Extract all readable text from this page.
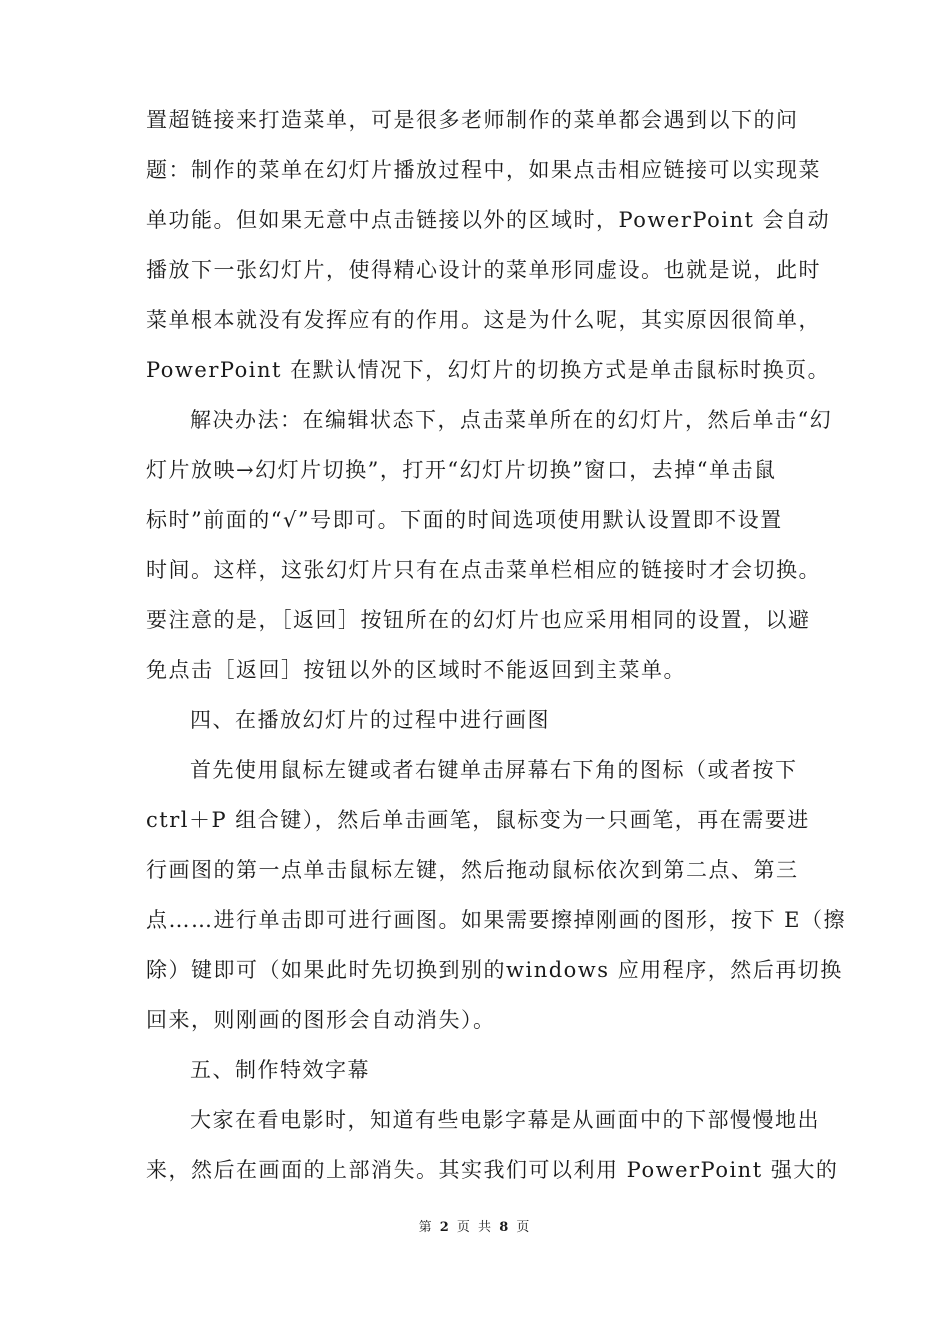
置超链接来打造菜单，可是很多老师制作的菜单都会遇到以下的问
题：制作的菜单在幻灯片播放过程中，如果点击相应链接可以实现菜
单功能。但如果无意中点击链接以外的区域时，PowerPoint 会自动
播放下一张幻灯片，使得精心设计的菜单形同虚设。也就是说，此时
菜单根本就没有发挥应有的作用。这是为什么呢，其实原因很简单，
PowerPoint 在默认情况下，幻灯片的切换方式是单击鼠标时换页。
解决办法：在编辑状态下，点击菜单所在的幻灯片，然后单击“幻
灯片放映→幻灯片切换”，打开“幻灯片切换”窗口，去掉“单击鼠
标时”前面的“√”号即可。下面的时间选项使用默认设置即不设置
时间。这样，这张幻灯片只有在点击菜单栏相应的链接时才会切换。
要注意的是，［返回］按钮所在的幻灯片也应采用相同的设置，以避
免点击［返回］按钮以外的区域时不能返回到主菜单。
四、在播放幻灯片的过程中进行画图
首先使用鼠标左键或者右键单击屏幕右下角的图标（或者按下
ctrl＋P 组合键），然后单击画笔，鼠标变为一只画笔，再在需要进
行画图的第一点单击鼠标左键，然后拖动鼠标依次到第二点、第三
点……进行单击即可进行画图。如果需要擦掉刚画的图形，按下 E（擦
除）键即可（如果此时先切换到别的windows 应用程序，然后再切换
回来，则刚画的图形会自动消失）。
五、制作特效字幕
大家在看电影时，知道有些电影字幕是从画面中的下部慢慢地出
来，然后在画面的上部消失。其实我们可以利用 PowerPoint 强大的
第 2 页 共 8 页
